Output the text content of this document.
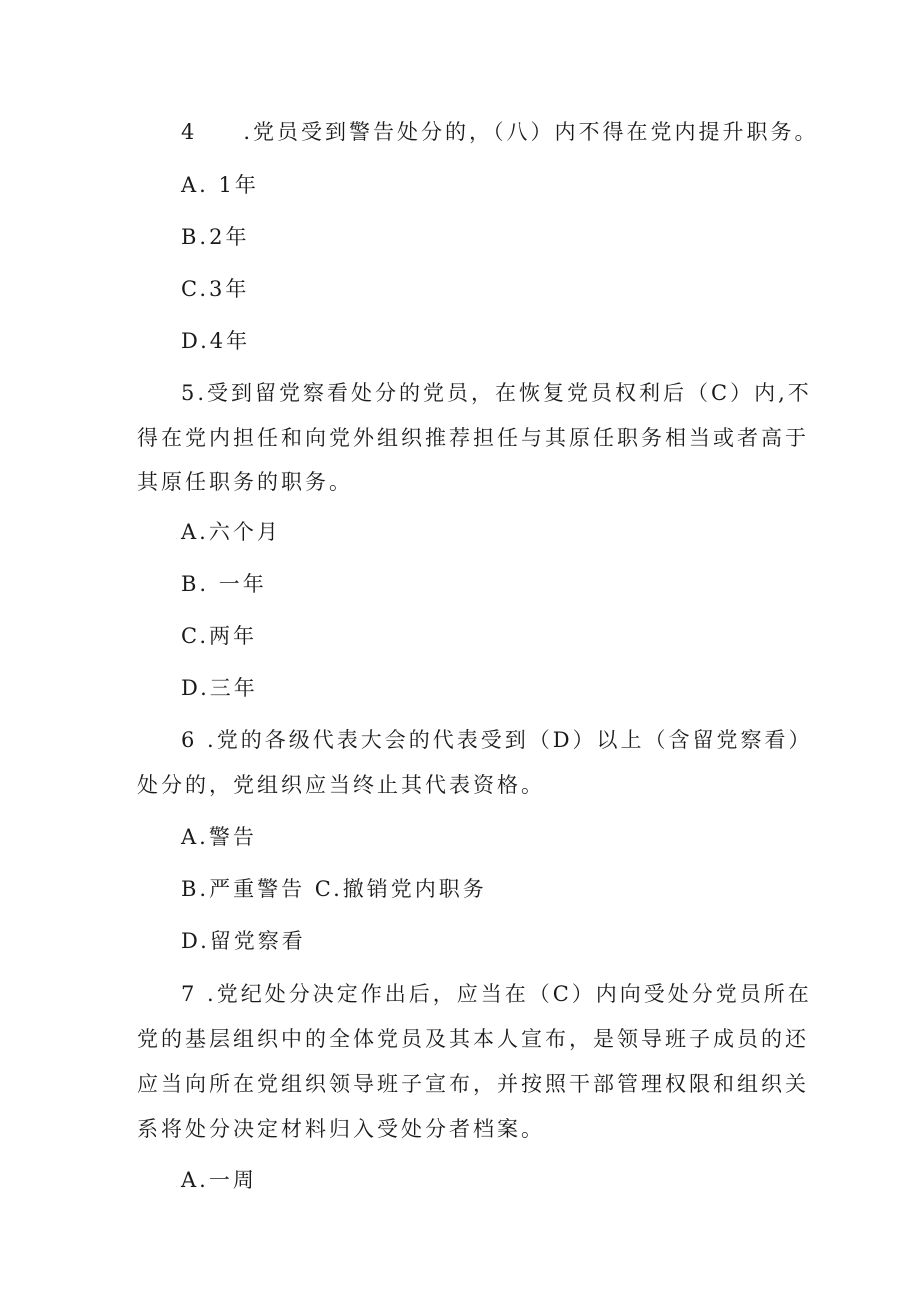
4 .党员受到警告处分的，（八）内不得在党内提升职务。
A. 1年
B.2年
C.3年
D.4年
5.受到留党察看处分的党员，在恢复党员权利后（C）内,不
得在党内担任和向党外组织推荐担任与其原任职务相当或者高于
其原任职务的职务。
A.六个月
B. 一年
C.两年
D.三年
6 .党的各级代表大会的代表受到（D）以上（含留党察看）
处分的，党组织应当终止其代表资格。
A.警告
B.严重警告 C.撤销党内职务
D.留党察看
7 .党纪处分决定作出后，应当在（C）内向受处分党员所在
党的基层组织中的全体党员及其本人宣布，是领导班子成员的还
应当向所在党组织领导班子宣布，并按照干部管理权限和组织关
系将处分决定材料归入受处分者档案。
A.一周
